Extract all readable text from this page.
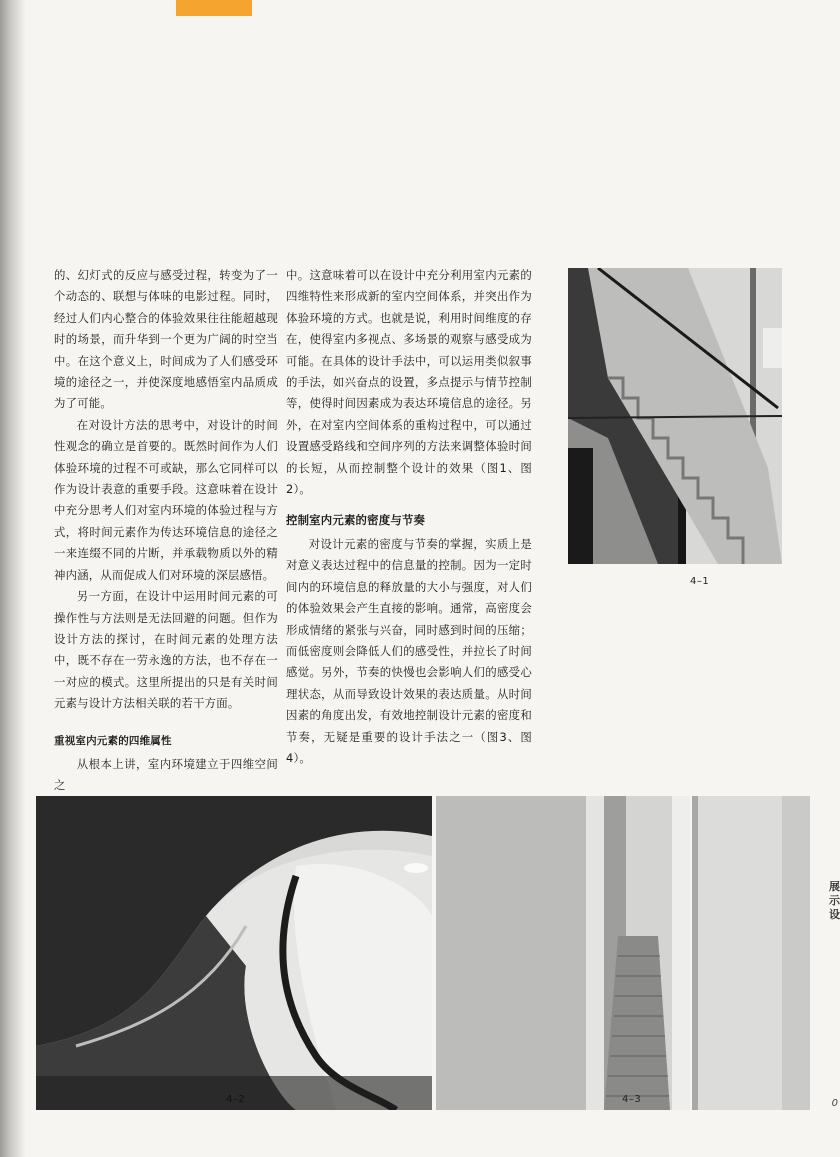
的、幻灯式的反应与感受过程，转变为了一个动态的、联想与体味的电影过程。同时，经过人们内心整合的体验效果往往能超越现时的场景，而升华到一个更为广阔的时空当中。在这个意义上，时间成为了人们感受环境的途径之一，并使深度地感悟室内品质成为了可能。

在对设计方法的思考中，对设计的时间性观念的确立是首要的。既然时间作为人们体验环境的过程不可或缺，那么它同样可以作为设计表意的重要手段。这意味着在设计中充分思考人们对室内环境的体验过程与方式，将时间元素作为传达环境信息的途径之一来连缀不同的片断，并承载物质以外的精神内涵，从而促成人们对环境的深层感悟。

另一方面，在设计中运用时间元素的可操作性与方法则是无法回避的问题。但作为设计方法的探讨，在时间元素的处理方法中，既不存在一劳永逸的方法，也不存在一一对应的模式。这里所提出的只是有关时间元素与设计方法相关联的若干方面。

重视室内元素的四维属性

从根本上讲，室内环境建立于四维空间之

中。这意味着可以在设计中充分利用室内元素的四维特性来形成新的室内空间体系，并突出作为体验环境的方式。也就是说，利用时间维度的存在，使得室内多视点、多场景的观察与感受成为可能。在具体的设计手法中，可以运用类似叙事的手法，如兴奋点的设置，多点提示与情节控制等，使得时间因素成为表达环境信息的途径。另外，在对室内空间体系的重构过程中，可以通过设置感受路线和空间序列的方法来调整体验时间的长短，从而控制整个设计的效果（图1、图2）。

控制室内元素的密度与节奏

对设计元素的密度与节奏的掌握，实质上是对意义表达过程中的信息量的控制。因为一定时间内的环境信息的释放量的大小与强度，对人们的体验效果会产生直接的影响。通常，高密度会形成情绪的紧张与兴奋，同时感到时间的压缩；而低密度则会降低人们的感受性，并拉长了时间感觉。另外，节奏的快慢也会影响人们的感受心理状态，从而导致设计效果的表达质量。从时间因素的角度出发，有效地控制设计元素的密度和节奏，无疑是重要的设计手法之一（图3、图4）。

4–1
4–2	4–3
展示 设
0
